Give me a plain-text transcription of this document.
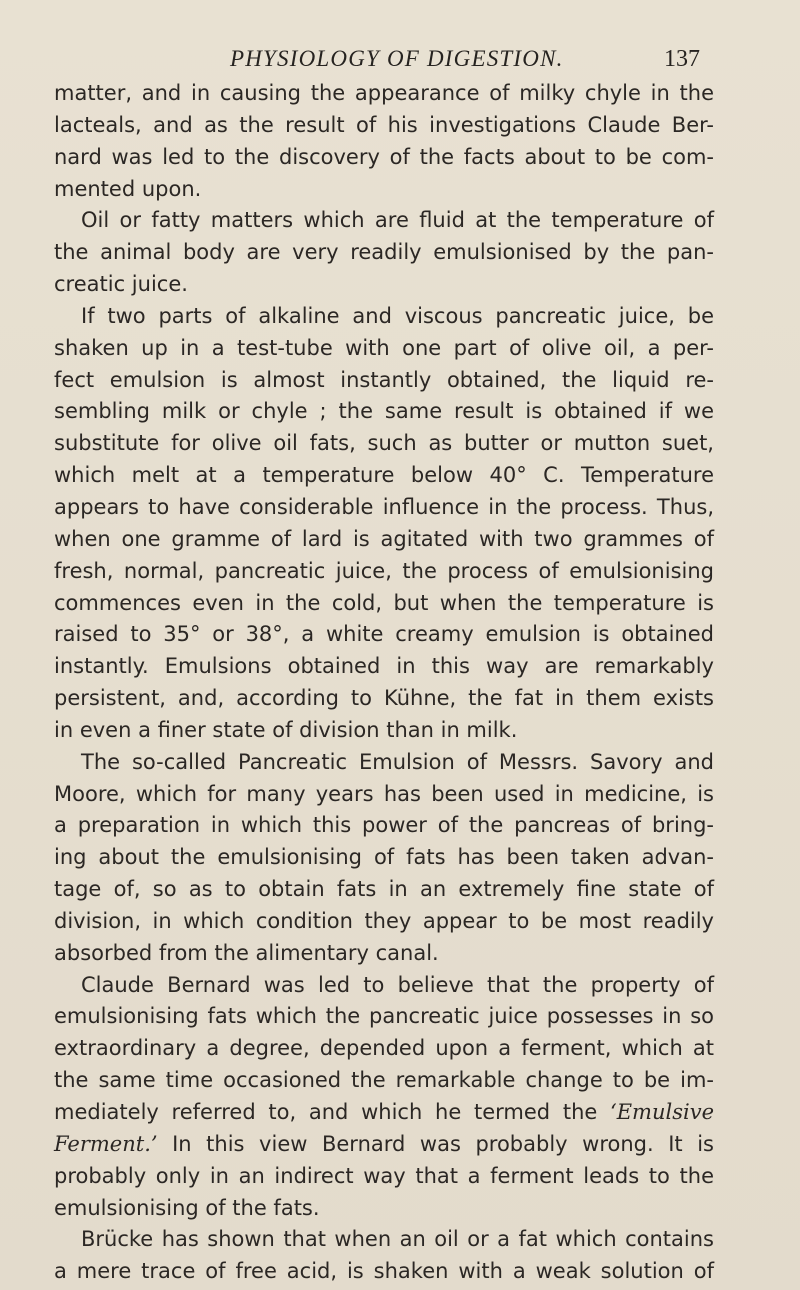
PHYSIOLOGY OF DIGESTION.	137
matter, and in causing the appearance of milky chyle in the
lacteals, and as the result of his investigations Claude Ber-
nard was led to the discovery of the facts about to be com-
mented upon.
Oil or fatty matters which are fluid at the temperature of
the animal body are very readily emulsionised by the pan-
creatic juice.
If two parts of alkaline and viscous pancreatic juice, be
shaken up in a test-tube with one part of olive oil, a per-
fect emulsion is almost instantly obtained, the liquid re-
sembling milk or chyle ; the same result is obtained if we
substitute for olive oil fats, such as butter or mutton suet,
which melt at a temperature below 40° C. Temperature
appears to have considerable influence in the process. Thus,
when one gramme of lard is agitated with two grammes of
fresh, normal, pancreatic juice, the process of emulsionising
commences even in the cold, but when the temperature is
raised to 35° or 38°, a white creamy emulsion is obtained
instantly. Emulsions obtained in this way are remarkably
persistent, and, according to Kühne, the fat in them exists
in even a finer state of division than in milk.
The so-called Pancreatic Emulsion of Messrs. Savory and
Moore, which for many years has been used in medicine, is
a preparation in which this power of the pancreas of bring-
ing about the emulsionising of fats has been taken advan-
tage of, so as to obtain fats in an extremely fine state of
division, in which condition they appear to be most readily
absorbed from the alimentary canal.
Claude Bernard was led to believe that the property of
emulsionising fats which the pancreatic juice possesses in so
extraordinary a degree, depended upon a ferment, which at
the same time occasioned the remarkable change to be im-
mediately referred to, and which he termed the ‘Emulsive
Ferment.’ In this view Bernard was probably wrong. It is
probably only in an indirect way that a ferment leads to the
emulsionising of the fats.
Brücke has shown that when an oil or a fat which contains
a mere trace of free acid, is shaken with a weak solution of
